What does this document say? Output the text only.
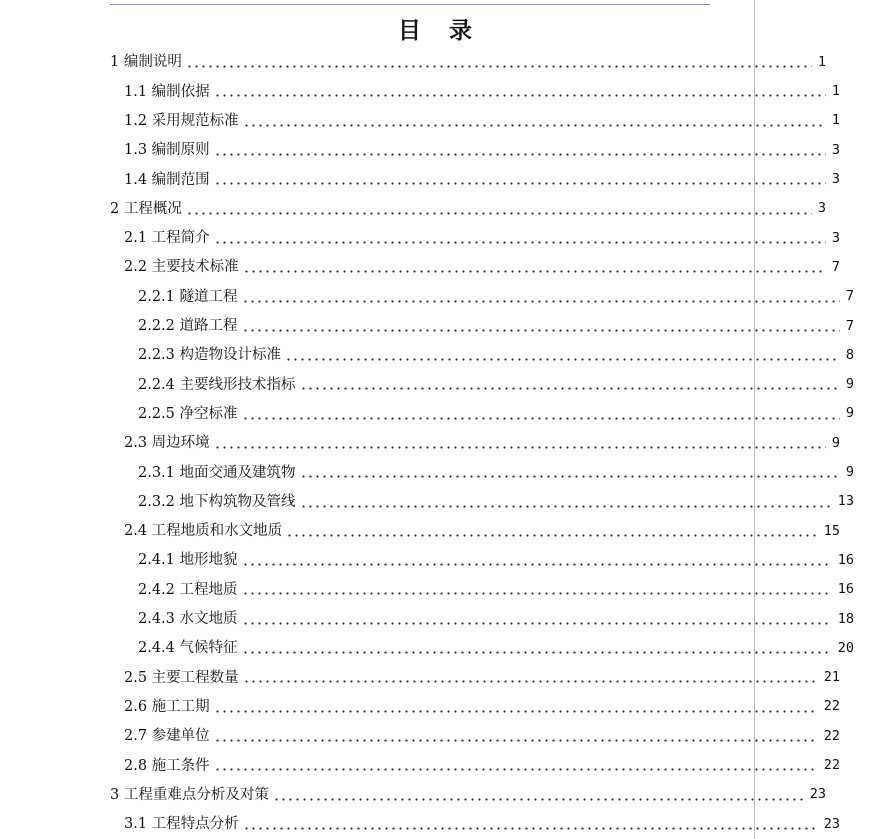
目 录
1 编制说明	1
1.1 编制依据	1
1.2 采用规范标准	1
1.3 编制原则	3
1.4 编制范围	3
2 工程概况	3
2.1 工程简介	3
2.2 主要技术标准	7
2.2.1 隧道工程	7
2.2.2 道路工程	7
2.2.3 构造物设计标准	8
2.2.4 主要线形技术指标	9
2.2.5 净空标准	9
2.3 周边环境	9
2.3.1 地面交通及建筑物	9
2.3.2 地下构筑物及管线	13
2.4 工程地质和水文地质	15
2.4.1 地形地貌	16
2.4.2 工程地质	16
2.4.3 水文地质	18
2.4.4 气候特征	20
2.5 主要工程数量	21
2.6 施工工期	22
2.7 参建单位	22
2.8 施工条件	22
3 工程重难点分析及对策	23
3.1 工程特点分析	23
